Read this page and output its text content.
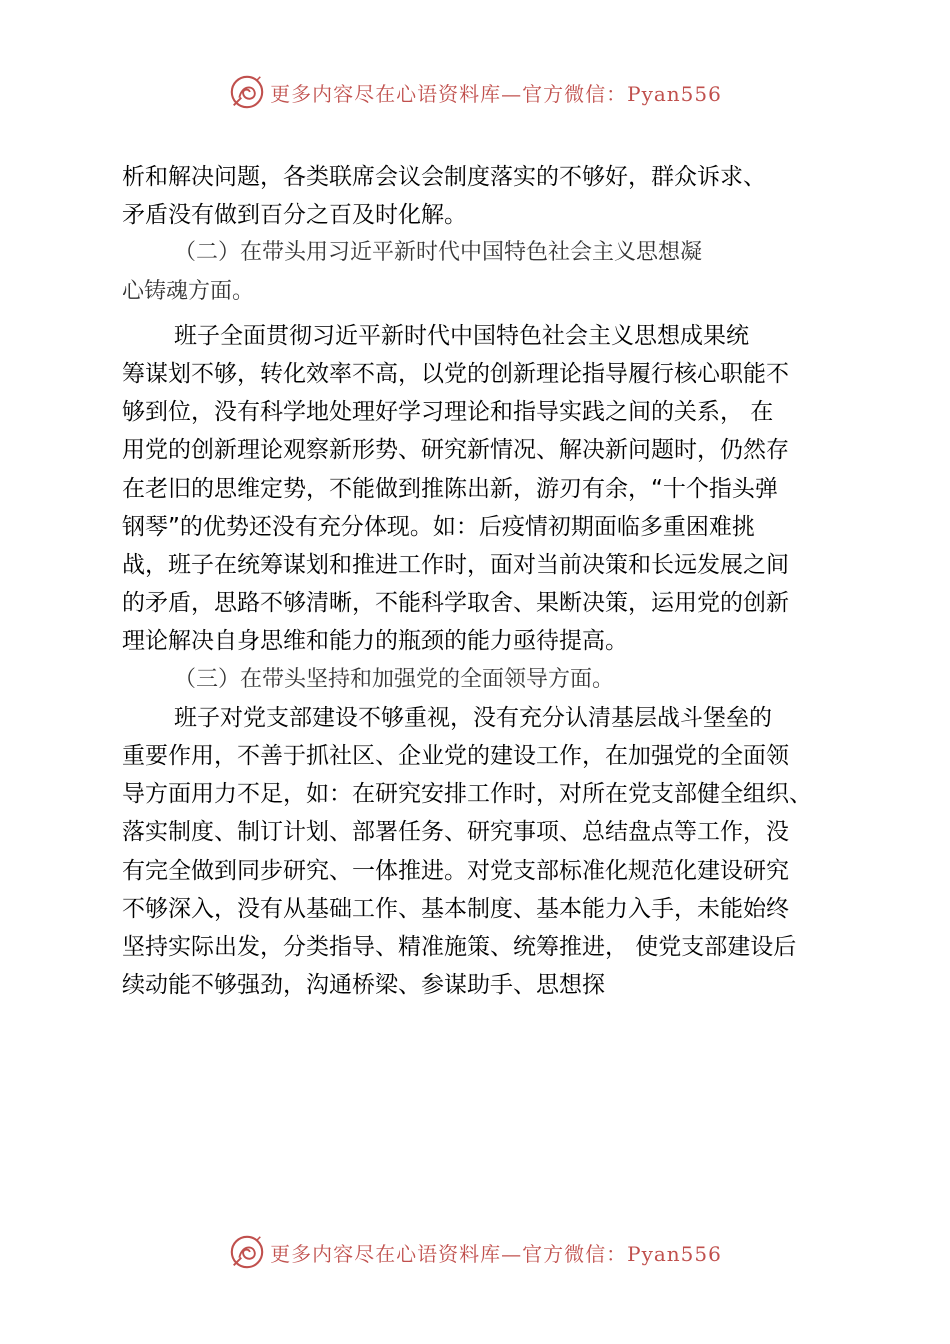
更多内容尽在心语资料库—官方微信：Pyan556
析和解决问题，各类联席会议会制度落实的不够好，群众诉求、
矛盾没有做到百分之百及时化解。
（二）在带头用习近平新时代中国特色社会主义思想凝
心铸魂方面。
班子全面贯彻习近平新时代中国特色社会主义思想成果统
筹谋划不够，转化效率不高，以党的创新理论指导履行核心职能不
够到位，没有科学地处理好学习理论和指导实践之间的关系， 在
用党的创新理论观察新形势、研究新情况、解决新问题时，仍然存
在老旧的思维定势，不能做到推陈出新，游刃有余，“十个指头弹
钢琴”的优势还没有充分体现。如：后疫情初期面临多重困难挑
战，班子在统筹谋划和推进工作时，面对当前决策和长远发展之间
的矛盾，思路不够清晰，不能科学取舍、果断决策，运用党的创新
理论解决自身思维和能力的瓶颈的能力亟待提高。
（三）在带头坚持和加强党的全面领导方面。
班子对党支部建设不够重视，没有充分认清基层战斗堡垒的
重要作用，不善于抓社区、企业党的建设工作，在加强党的全面领
导方面用力不足，如：在研究安排工作时，对所在党支部健全组织、
落实制度、制订计划、部署任务、研究事项、总结盘点等工作，没
有完全做到同步研究、一体推进。对党支部标准化规范化建设研究
不够深入，没有从基础工作、基本制度、基本能力入手，未能始终
坚持实际出发，分类指导、精准施策、统筹推进， 使党支部建设后
续动能不够强劲，沟通桥梁、参谋助手、思想探
更多内容尽在心语资料库—官方微信：Pyan556
